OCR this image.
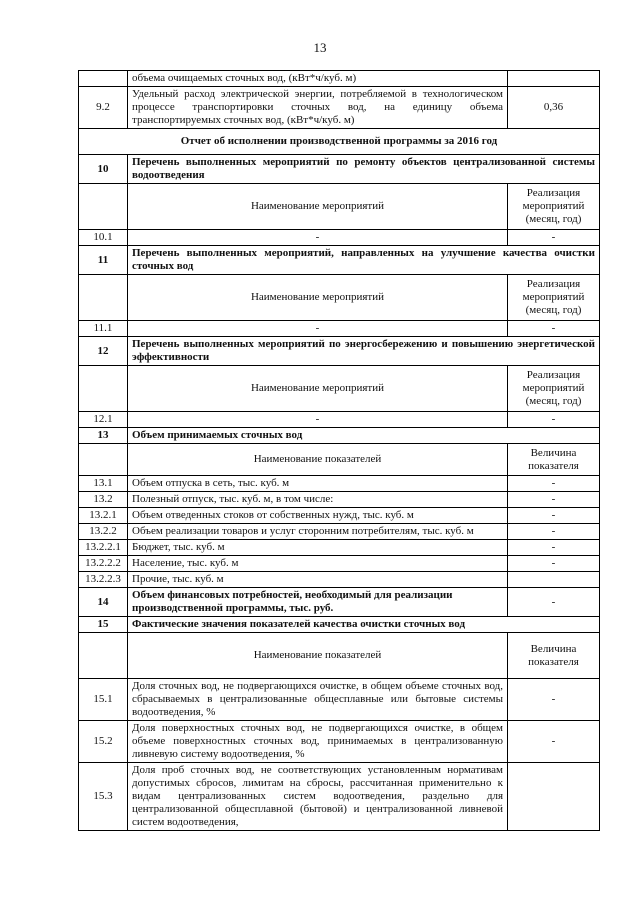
13
	объема очищаемых сточных вод, (кВт*ч/куб. м)	
9.2	Удельный расход электрической энергии, потребляемой в технологическом процессе транспортировки сточных вод, на единицу объема транспортируемых сточных вод, (кВт*ч/куб. м)	0,36
Отчет об исполнении производственной программы за 2016 год		
10	Перечень выполненных мероприятий по ремонту объектов централизованной системы водоотведения	
	Наименование мероприятий	Реализация мероприятий (месяц, год)
10.1	-	-
11	Перечень выполненных мероприятий, направленных на улучшение качества очистки сточных вод	
	Наименование мероприятий	Реализация мероприятий (месяц, год)
11.1	-	-
12	Перечень выполненных мероприятий по энергосбережению и повышению энергетической эффективности	
	Наименование мероприятий	Реализация мероприятий (месяц, год)
12.1	-	-
13	Объем принимаемых сточных вод	
	Наименование показателей	Величина показателя
13.1	Объем отпуска в сеть, тыс. куб. м	-
13.2	Полезный отпуск, тыс. куб. м, в том числе:	-
13.2.1	Объем отведенных стоков от собственных нужд, тыс. куб. м	-
13.2.2	Объем реализации товаров и услуг сторонним потребителям, тыс. куб. м	-
13.2.2.1	Бюджет, тыс. куб. м	-
13.2.2.2	Население, тыс. куб. м	-
13.2.2.3	Прочие, тыс. куб. м	
14	Объем финансовых потребностей, необходимый для реализации производственной программы, тыс. руб.	-
15	Фактические значения показателей качества очистки сточных вод	
	Наименование показателей	Величина показателя
15.1	Доля сточных вод, не подвергающихся очистке, в общем объеме сточных вод, сбрасываемых в централизованные общесплавные или бытовые системы водоотведения, %	-
15.2	Доля поверхностных сточных вод, не подвергающихся очистке, в общем объеме поверхностных сточных вод, принимаемых в централизованную ливневую систему водоотведения, %	-
15.3	Доля проб сточных вод, не соответствующих установленным нормативам допустимых сбросов, лимитам на сбросы, рассчитанная применительно к видам централизованных систем водоотведения, раздельно для централизованной общесплавной (бытовой) и централизованной ливневой систем водоотведения,	
